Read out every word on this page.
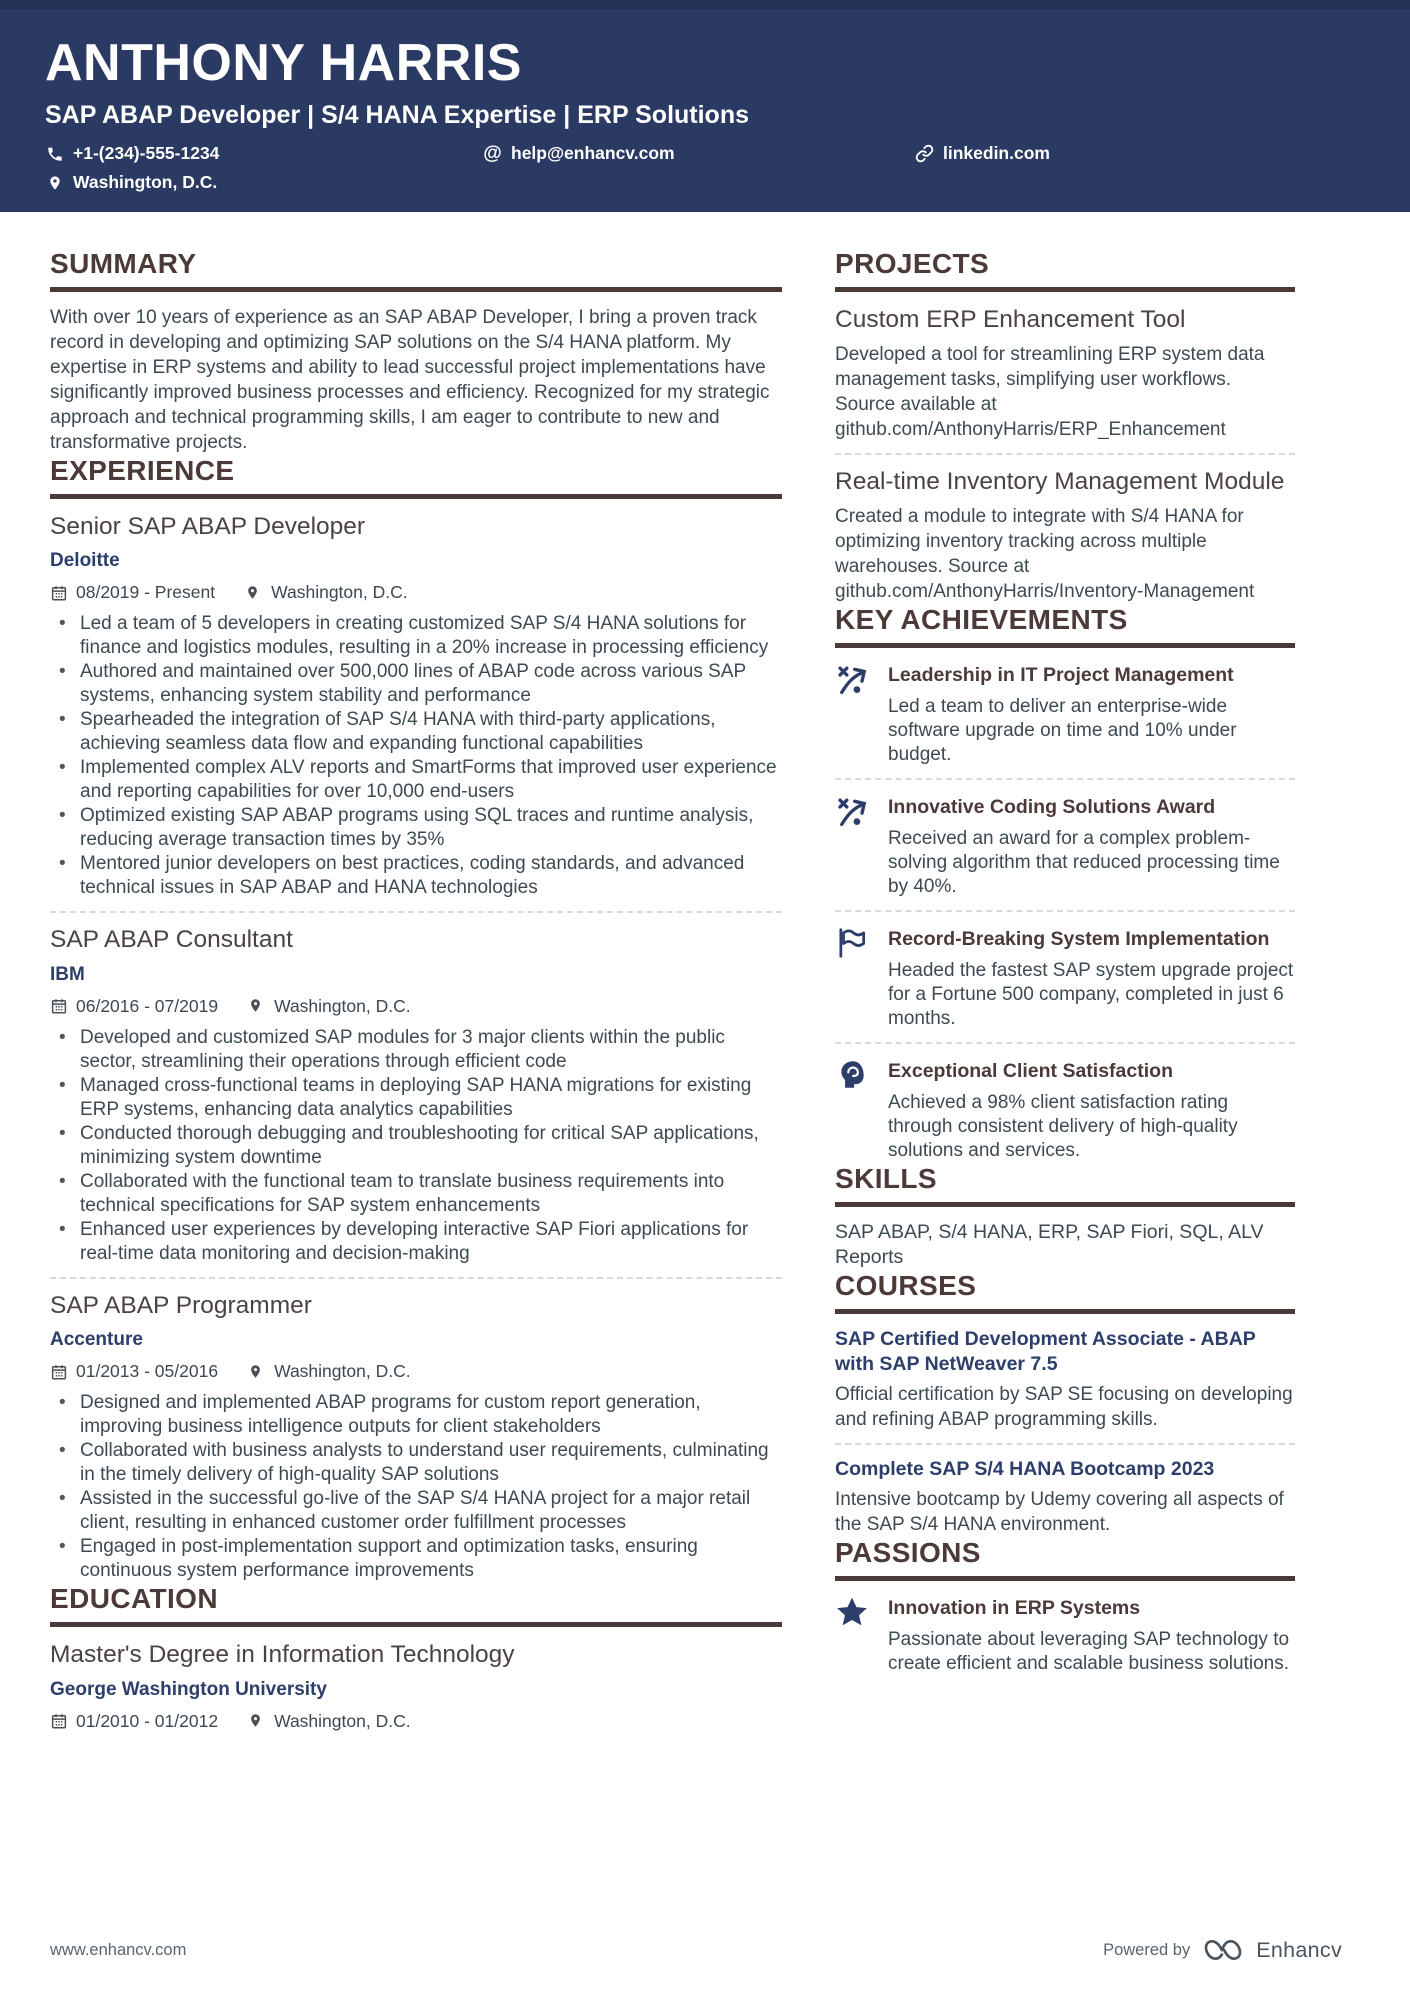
ANTHONY HARRIS
SAP ABAP Developer | S/4 HANA Expertise | ERP Solutions
+1-(234)-555-1234	@ help@enhancv.com	linkedin.com
Washington, D.C.
SUMMARY

With over 10 years of experience as an SAP ABAP Developer, I bring a proven track record in developing and optimizing SAP solutions on the S/4 HANA platform. My expertise in ERP systems and ability to lead successful project implementations have significantly improved business processes and efficiency. Recognized for my strategic approach and technical programming skills, I am eager to contribute to new and transformative projects.

EXPERIENCE
Senior SAP ABAP Developer
Deloitte
08/2019 - Present	Washington, D.C.
• Led a team of 5 developers in creating customized SAP S/4 HANA solutions for finance and logistics modules, resulting in a 20% increase in processing efficiency
• Authored and maintained over 500,000 lines of ABAP code across various SAP systems, enhancing system stability and performance
• Spearheaded the integration of SAP S/4 HANA with third-party applications, achieving seamless data flow and expanding functional capabilities
• Implemented complex ALV reports and SmartForms that improved user experience and reporting capabilities for over 10,000 end-users
• Optimized existing SAP ABAP programs using SQL traces and runtime analysis, reducing average transaction times by 35%
• Mentored junior developers on best practices, coding standards, and advanced technical issues in SAP ABAP and HANA technologies
SAP ABAP Consultant
IBM
06/2016 - 07/2019	Washington, D.C.
• Developed and customized SAP modules for 3 major clients within the public sector, streamlining their operations through efficient code
• Managed cross-functional teams in deploying SAP HANA migrations for existing ERP systems, enhancing data analytics capabilities
• Conducted thorough debugging and troubleshooting for critical SAP applications, minimizing system downtime
• Collaborated with the functional team to translate business requirements into technical specifications for SAP system enhancements
• Enhanced user experiences by developing interactive SAP Fiori applications for real-time data monitoring and decision-making
SAP ABAP Programmer
Accenture
01/2013 - 05/2016	Washington, D.C.
• Designed and implemented ABAP programs for custom report generation, improving business intelligence outputs for client stakeholders
• Collaborated with business analysts to understand user requirements, culminating in the timely delivery of high-quality SAP solutions
• Assisted in the successful go-live of the SAP S/4 HANA project for a major retail client, resulting in enhanced customer order fulfillment processes
• Engaged in post-implementation support and optimization tasks, ensuring continuous system performance improvements
EDUCATION
Master's Degree in Information Technology
George Washington University
01/2010 - 01/2012	Washington, D.C.
PROJECTS
Custom ERP Enhancement Tool

Developed a tool for streamlining ERP system data management tasks, simplifying user workflows. Source available at github.com/AnthonyHarris/ERP_Enhancement

Real-time Inventory Management Module

Created a module to integrate with S/4 HANA for optimizing inventory tracking across multiple warehouses. Source at github.com/AnthonyHarris/Inventory-Management

KEY ACHIEVEMENTS
Leadership in IT Project Management
Led a team to deliver an enterprise-wide software upgrade on time and 10% under budget.
Innovative Coding Solutions Award
Received an award for a complex problem-solving algorithm that reduced processing time by 40%.
Record-Breaking System Implementation
Headed the fastest SAP system upgrade project for a Fortune 500 company, completed in just 6 months.
Exceptional Client Satisfaction
Achieved a 98% client satisfaction rating through consistent delivery of high-quality solutions and services.
SKILLS

SAP ABAP, S/4 HANA, ERP, SAP Fiori, SQL, ALV Reports

COURSES
SAP Certified Development Associate - ABAP with SAP NetWeaver 7.5

Official certification by SAP SE focusing on developing and refining ABAP programming skills.

Complete SAP S/4 HANA Bootcamp 2023

Intensive bootcamp by Udemy covering all aspects of the SAP S/4 HANA environment.

PASSIONS
Innovation in ERP Systems
Passionate about leveraging SAP technology to create efficient and scalable business solutions.
www.enhancv.com	Powered by	Enhancv
